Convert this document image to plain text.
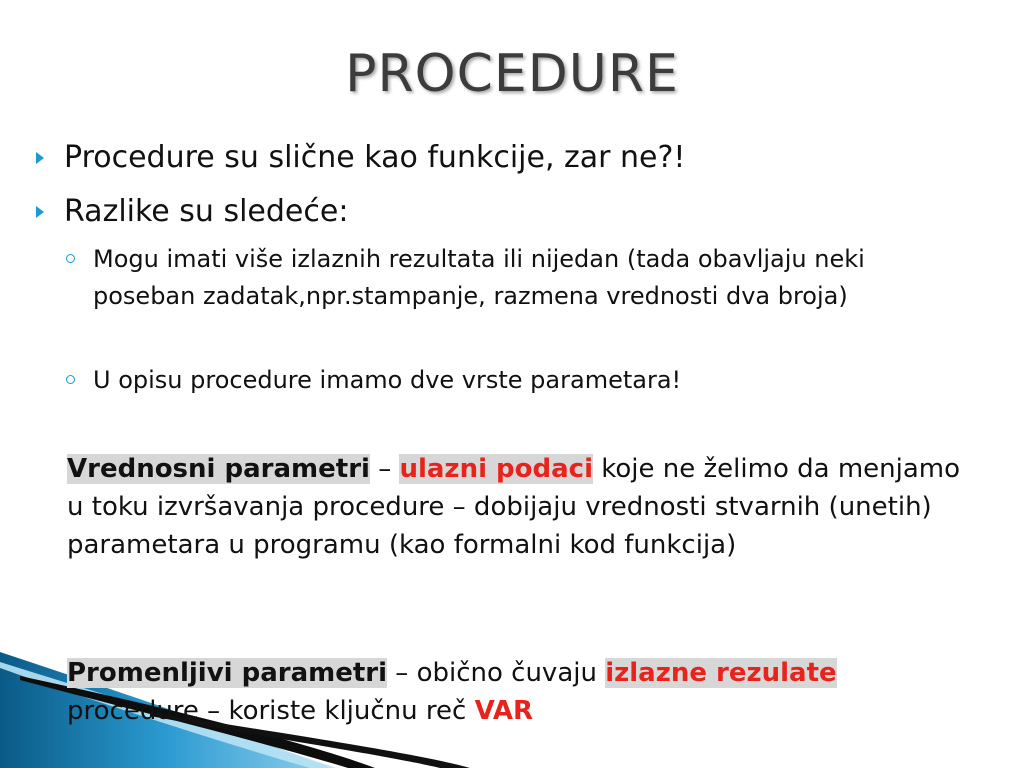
PROCEDURE
Procedure su slične kao funkcije, zar ne?!
Razlike su sledeće:
Mogu imati više izlaznih rezultata ili nijedan (tada obavljaju neki poseban zadatak,npr.stampanje, razmena vrednosti dva broja)
U opisu procedure imamo dve vrste parametara!
Vrednosni parametri – ulazni podaci koje ne želimo da menjamo u toku izvršavanja procedure – dobijaju vrednosti stvarnih (unetih) parametara u programu (kao formalni kod funkcija)
Promenljivi parametri – obično čuvaju izlazne rezulate procedure – koriste ključnu reč VAR
